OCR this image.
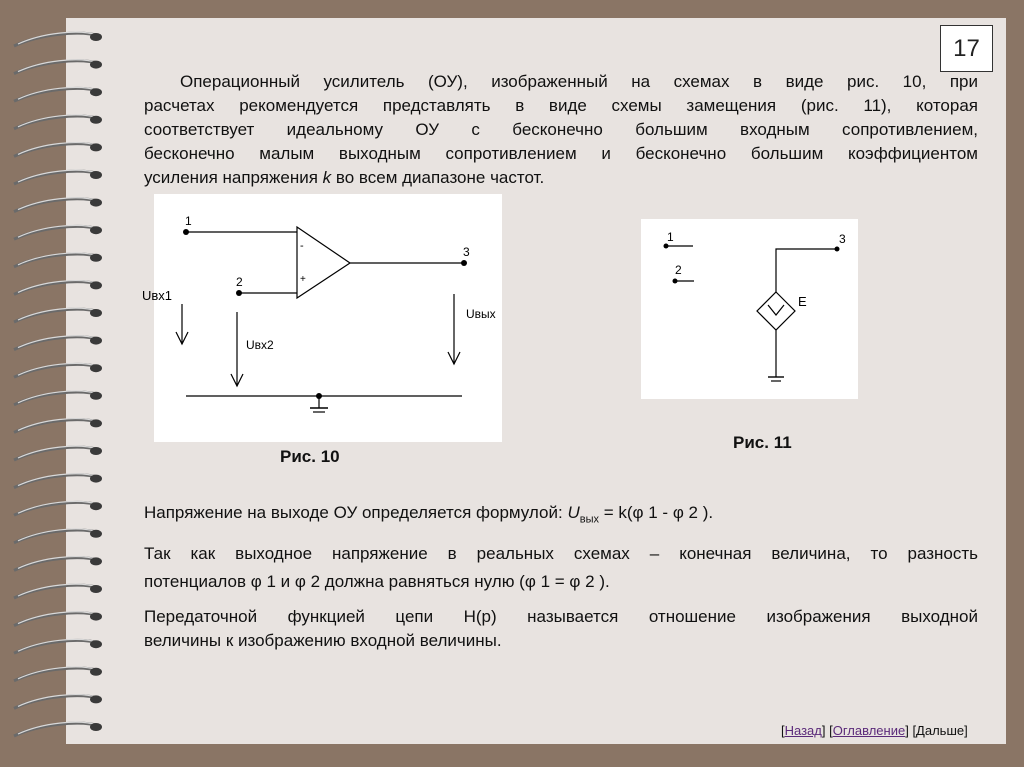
17
Операционный усилитель (ОУ), изображенный на схемах в виде рис. 10, при
расчетах рекомендуется представлять в виде схемы замещения (рис. 11), которая
соответствует идеальному ОУ с бесконечно большим входным сопротивлением,
бесконечно малым выходным сопротивлением и бесконечно большим коэффициентом
усиления напряжения k во всем диапазоне частот.
1
2
-
+
3
Uвх1
Uвх2
Uвых
Рис. 10
1
2
3
E
Рис. 11
Напряжение на выходе ОУ определяется формулой: $U_{вых} = k(\varphi$ 1 - φ 2 ).
Так как выходное напряжение в реальных схемах – конечная величина, то разность
потенциалов φ 1 и φ 2 должна равняться нулю (φ 1 = φ 2 ).
Передаточной функцией цепи H(p) называется отношение изображения выходной
величины к изображению входной величины.
[Назад] [Оглавление] [Дальше]
